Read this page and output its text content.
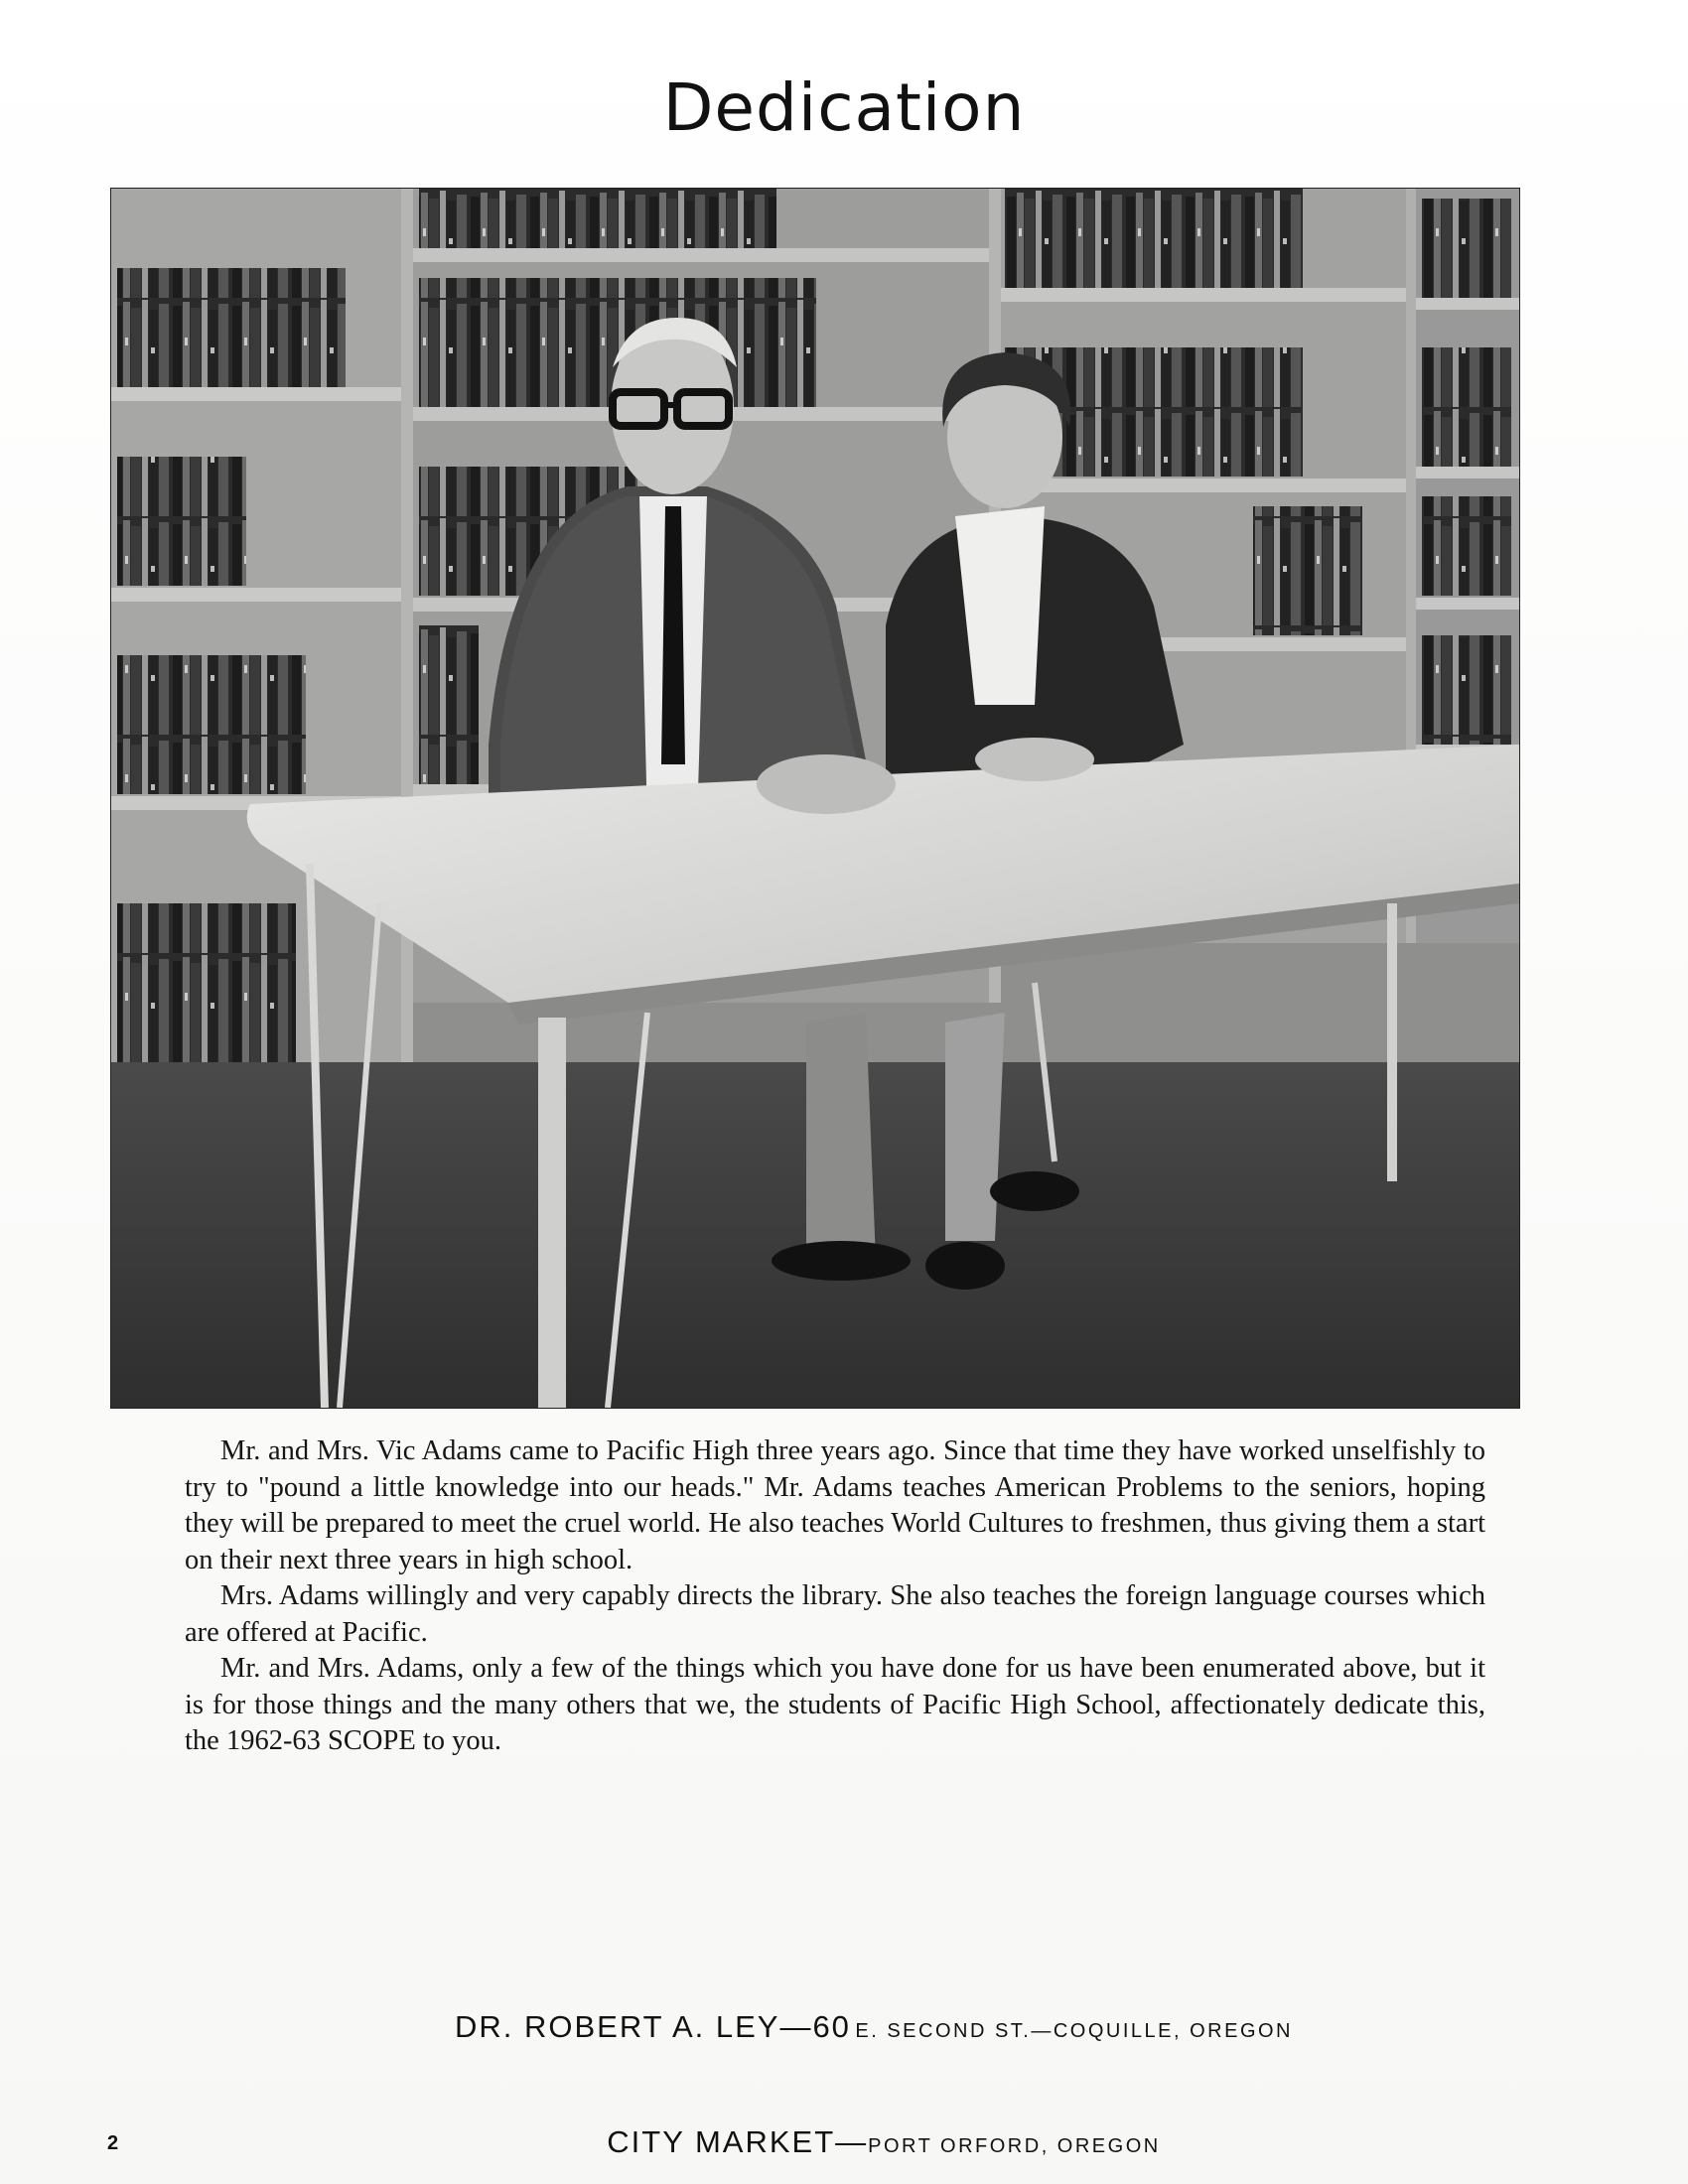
Dedication

Mr. and Mrs. Vic Adams came to Pacific High three years ago. Since that time they have worked unselfishly to try to "pound a little knowledge into our heads." Mr. Adams teaches American Problems to the seniors, hoping they will be prepared to meet the cruel world. He also teaches World Cultures to freshmen, thus giving them a start on their next three years in high school.

Mrs. Adams willingly and very capably directs the library. She also teaches the foreign language courses which are offered at Pacific.

Mr. and Mrs. Adams, only a few of the things which you have done for us have been enumerated above, but it is for those things and the many others that we, the students of Pacific High School, affectionately dedicate this, the 1962-63 SCOPE to you.

DR. ROBERT A. LEY—60 E. SECOND ST.—COQUILLE, OREGON
2	CITY MARKET—PORT ORFORD, OREGON
